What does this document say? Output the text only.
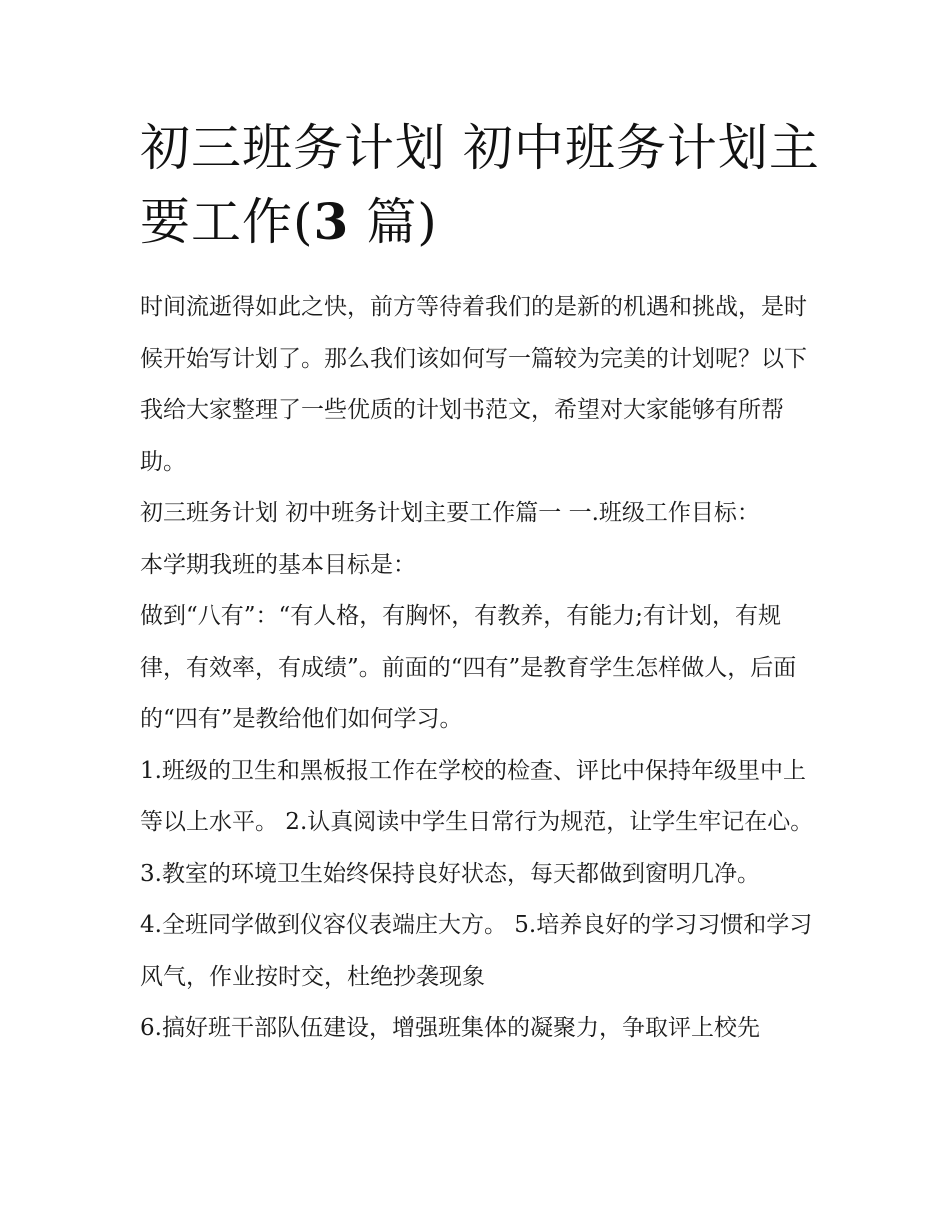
初三班务计划 初中班务计划主要工作(3 篇)

时间流逝得如此之快，前方等待着我们的是新的机遇和挑战，是时候开始写计划了。那么我们该如何写一篇较为完美的计划呢？以下我给大家整理了一些优质的计划书范文，希望对大家能够有所帮助。

初三班务计划 初中班务计划主要工作篇一 一.班级工作目标：

本学期我班的基本目标是：

做到“八有”：“有人格，有胸怀，有教养，有能力;有计划，有规律，有效率，有成绩”。前面的“四有”是教育学生怎样做人，后面的“四有”是教给他们如何学习。

1.班级的卫生和黑板报工作在学校的检查、评比中保持年级里中上等以上水平。 2.认真阅读中学生日常行为规范，让学生牢记在心。

3.教室的环境卫生始终保持良好状态，每天都做到窗明几净。

4.全班同学做到仪容仪表端庄大方。 5.培养良好的学习习惯和学习风气，作业按时交，杜绝抄袭现象

6.搞好班干部队伍建设，增强班集体的凝聚力，争取评上校先
